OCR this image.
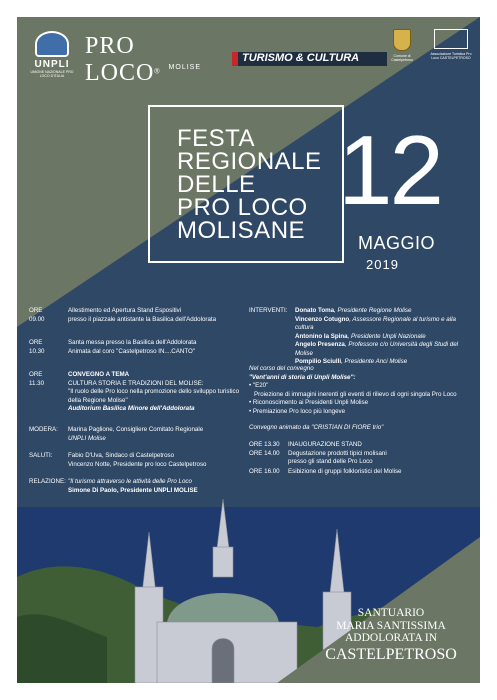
UNPLI
UNIONE NAZIONALE PRO LOCO D'ITALIA
PRO LOCO®
MOLISE
TURISMO & CULTURA	Comune di Castelpetroso
Associazione Turistica Pro Loco CASTELPETROSO
FESTA
REGIONALE
DELLE
PRO LOCO
MOLISANE
12
MAGGIO
2019
ORE 09.00
Allestimento ed Apertura Stand Espositivi
presso il piazzale antistante la Basilica dell'Addolorata
ORE 10.30
Santa messa presso la Basilica dell'Addolorata
Animata dal coro "Castelpetroso IN....CANTO"
ORE 11.30
CONVEGNO A TEMA
CULTURA STORIA E TRADIZIONI DEL MOLISE:
"Il ruolo delle Pro loco nella promozione dello sviluppo turistico
della Regione Molise"
Auditorium Basilica Minore dell'Addolorata
MODERA: Marina Paglione, Consigliere Comitato Regionale
UNPLI Molise
SALUTI:	Fabio D'Uva, Sindaco di Castelpetroso
Vincenzo Notte, Presidente pro loco Castelpetroso
RELAZIONE: "Il turismo attraverso le attività delle Pro Loco
Simone Di Paolo, Presidente UNPLI MOLISE
INTERVENTI: Donato Toma, Presidente Regione Molise
Vincenzo Cotugno, Assessore Regionale al turismo e alla cultura
Antonino la Spina, Presidente Unpli Nazionale
Angelo Presenza, Professore c/o Università degli Studi del Molise
Pompilio Sciulli, Presidente Anci Molise
Nel corso del convegno
"Vent'anni di storia di Unpli Molise":
• "E20"
Proiezione di immagini inerenti gli eventi di rilievo di ogni singola Pro Loco
• Riconoscimento ai Presidenti Unpli Molise
• Premiazione Pro loco più longeve
Convegno animato da "CRISTIAN DI FIORE trio"
ORE 13.30 INAUGURAZIONE STAND
ORE 14.00 Degustazione prodotti tipici molisani
presso gli stand delle Pro Loco
ORE 16.00 Esibizione di gruppi folkloristici del Molise
SANTUARIO
MARIA SANTISSIMA
ADDOLORATA IN
CASTELPETROSO
